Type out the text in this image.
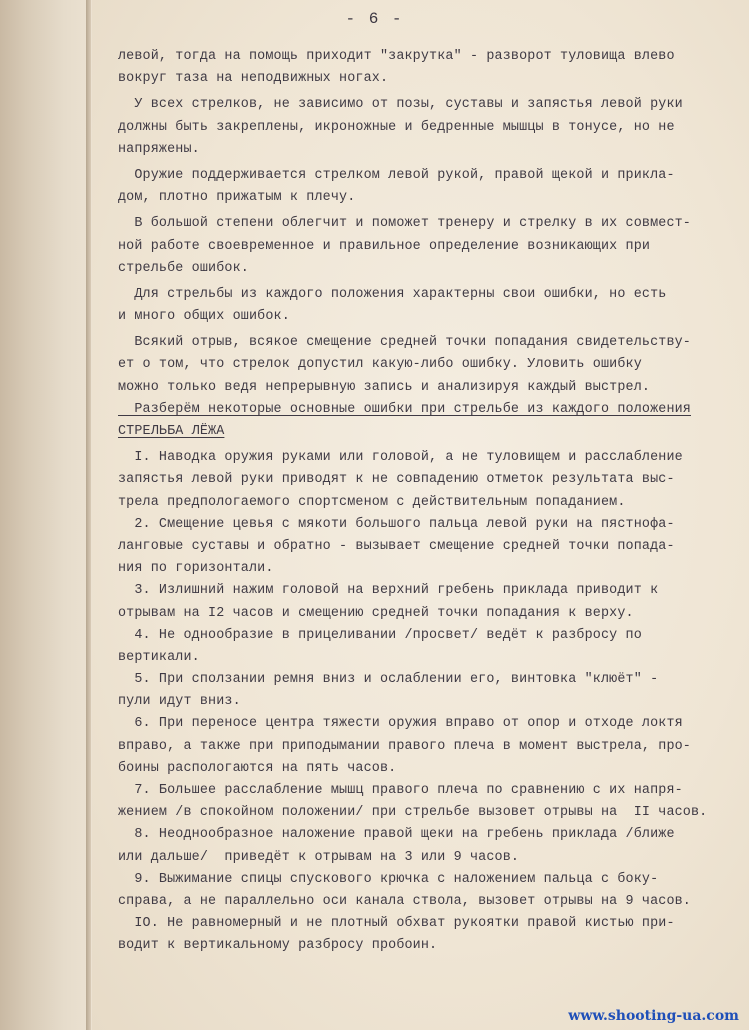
- 6 -
левой, тогда на помощь приходит "закрутка" - разворот туловища влево
вокруг таза на неподвижных ногах.
У всех стрелков, не зависимо от позы, суставы и запястья левой руки
должны быть закреплены, икроножные и бедренные мышцы в тонусе, но не
напряжены.
Оружие поддерживается стрелком левой рукой, правой щекой и прикла-
дом, плотно прижатым к плечу.
В большой степени облегчит и поможет тренеру и стрелку в их совмест-
ной работе своевременное и правильное определение возникающих при
стрельбе ошибок.
Для стрельбы из каждого положения характерны свои ошибки, но есть
и много общих ошибок.
Всякий отрыв, всякое смещение средней точки попадания свидетельству-
ет о том, что стрелок допустил какую-либо ошибку. Уловить ошибку
можно только ведя непрерывную запись и анализируя каждый выстрел.
Разберём некоторые основные ошибки при стрельбе из каждого положения
СТРЕЛЬБА ЛЁЖА
I. Наводка оружия руками или головой, а не туловищем и расслабление
запястья левой руки приводят к не совпадению отметок результата выс-
трела предпологаемого спортсменом с действительным попаданием.
2. Смещение цевья с мякоти большого пальца левой руки на пястнофа-
ланговые суставы и обратно - вызывает смещение средней точки попада-
ния по горизонтали.
3. Излишний нажим головой на верхний гребень приклада приводит к
отрывам на I2 часов и смещению средней точки попадания к верху.
4. Не однообразие в прицеливании /просвет/ ведёт к разбросу по
вертикали.
5. При сползании ремня вниз и ослаблении его, винтовка "клюёт" -
пули идут вниз.
6. При переносе центра тяжести оружия вправо от опор и отходе локтя
вправо, а также при приподымании правого плеча в момент выстрела, про-
боины распологаются на пять часов.
7. Большее расслабление мышц правого плеча по сравнению с их напря-
жением /в спокойном положении/ при стрельбе вызовет отрывы на  II часов.
8. Неоднообразное наложение правой щеки на гребень приклада /ближе
или дальше/  приведёт к отрывам на 3 или 9 часов.
9. Выжимание спицы спускового крючка с наложением пальца с боку-
справа, а не параллельно оси канала ствола, вызовет отрывы на 9 часов.
IO. Не равномерный и не плотный обхват рукоятки правой кистью при-
водит к вертикальному разбросу пробоин.
www.shooting-ua.com
